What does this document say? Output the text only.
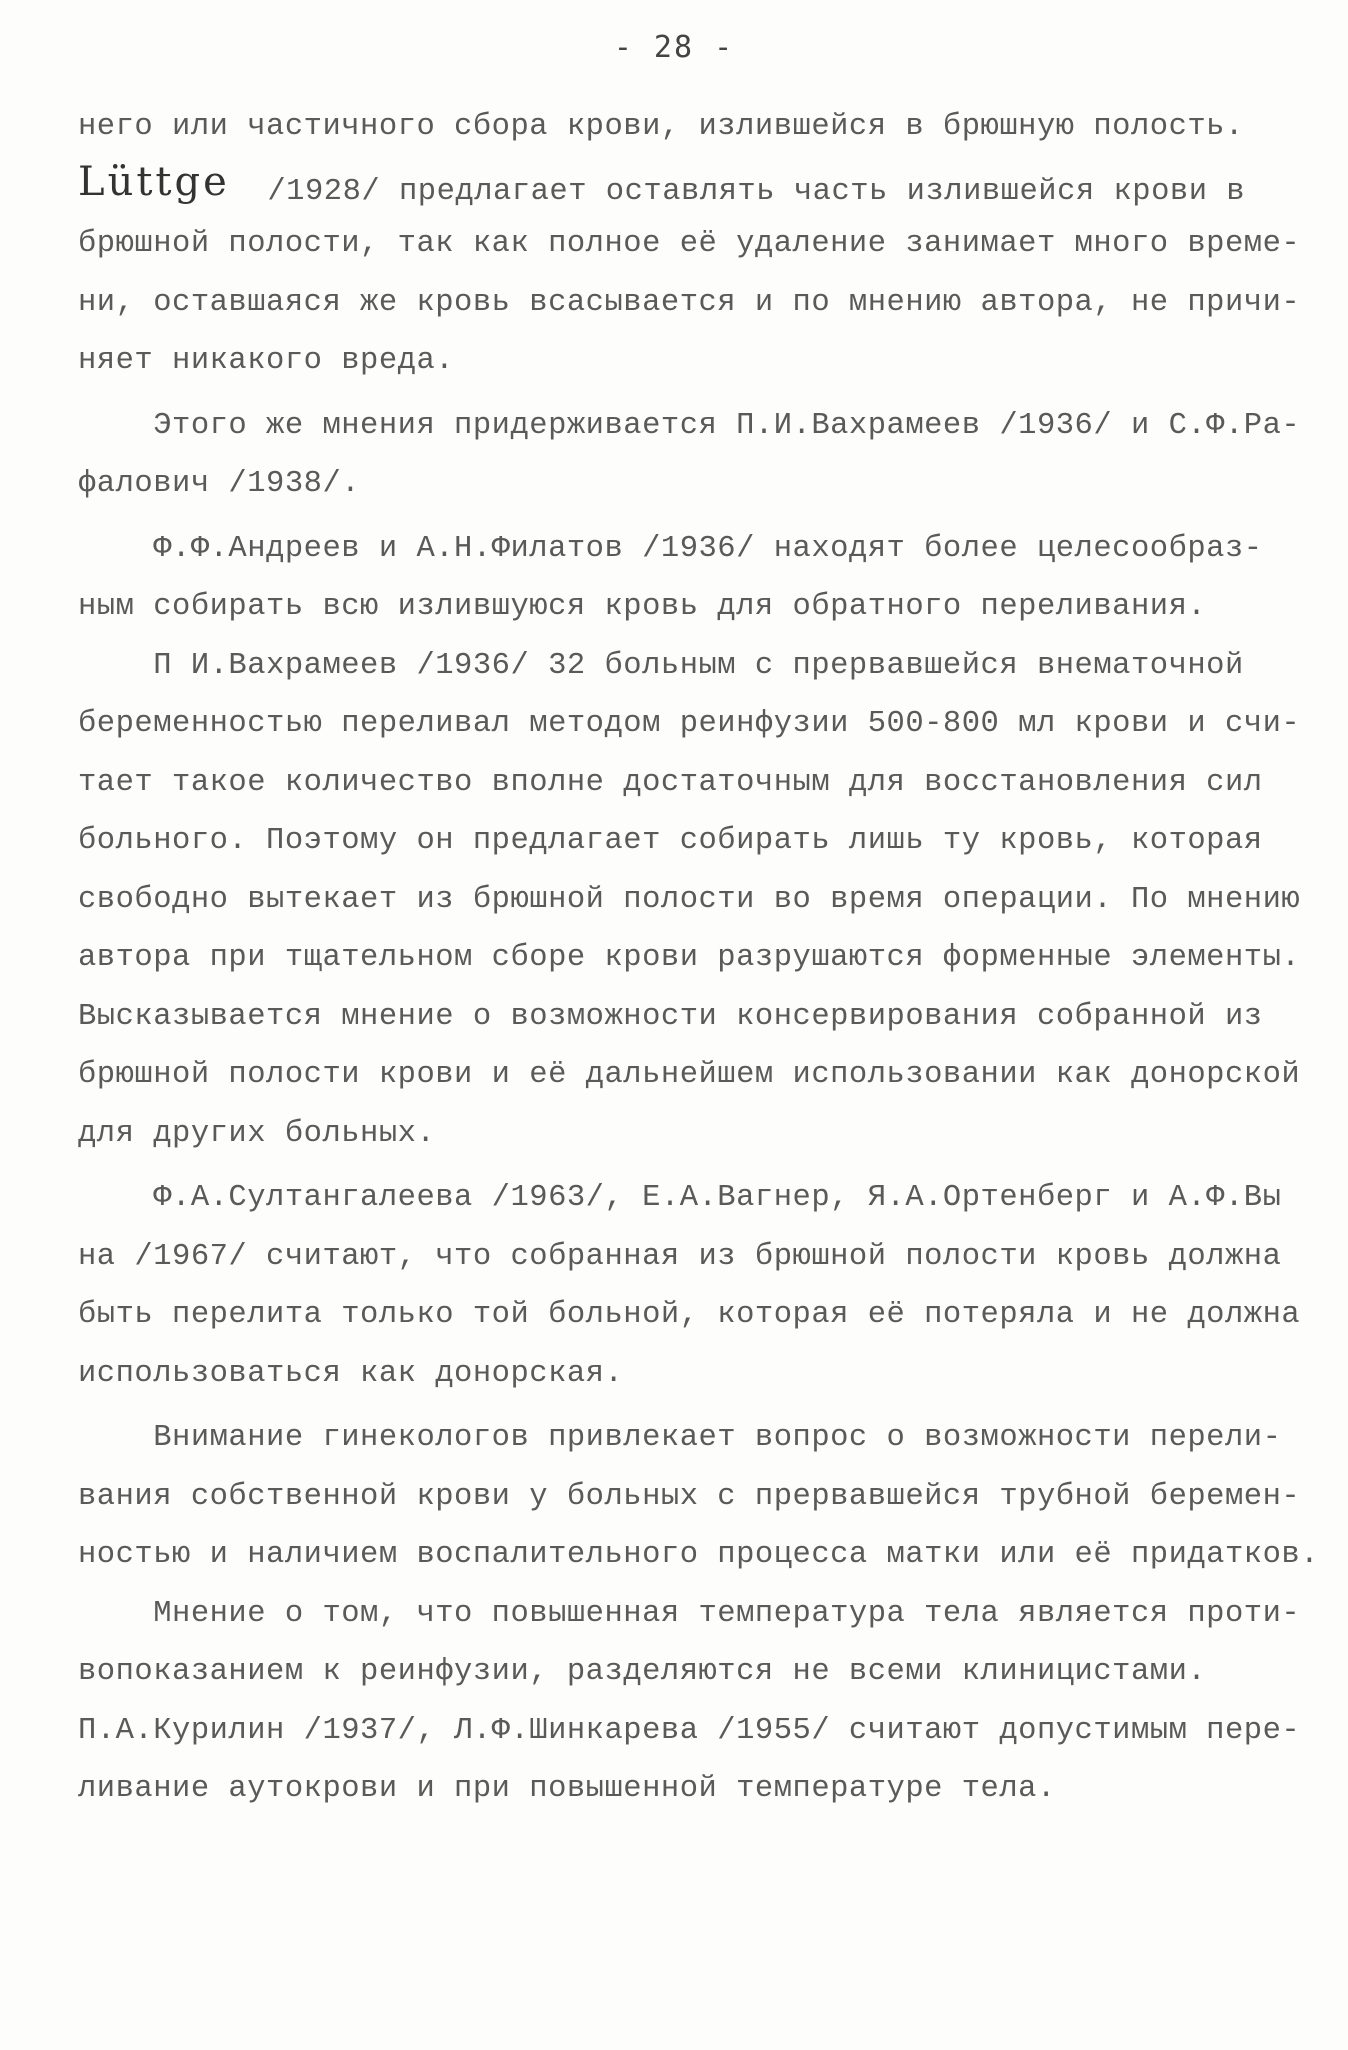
- 28 -
него или частичного сбора крови, излившейся в брюшную полость.
Lüttge  /1928/ предлагает оставлять часть излившейся крови в
брюшной полости, так как полное её удаление занимает много време-
ни, оставшаяся же кровь всасывается и по мнению автора, не причи-
няет никакого вреда.
Этого же мнения придерживается П.И.Вахрамеев /1936/ и С.Ф.Ра-
фалович /1938/.
Ф.Ф.Андреев и А.Н.Филатов /1936/ находят более целесообраз-
ным собирать всю излившуюся кровь для обратного переливания.
П И.Вахрамеев /1936/ 32 больным с прервавшейся внематочной
беременностью переливал методом реинфузии 500-800 мл крови и счи-
тает такое количество вполне достаточным для восстановления сил
больного. Поэтому он предлагает собирать лишь ту кровь, которая
свободно вытекает из брюшной полости во время операции. По мнению
автора при тщательном сборе крови разрушаются форменные элементы.
Высказывается мнение о возможности консервирования собранной из
брюшной полости крови и её дальнейшем использовании как донорской
для других больных.
Ф.А.Султангалеева /1963/, Е.А.Вагнер, Я.А.Ортенберг и А.Ф.Вы
на /1967/ считают, что собранная из брюшной полости кровь должна
быть перелита только той больной, которая её потеряла и не должна
использоваться как донорская.
Внимание гинекологов привлекает вопрос о возможности перели-
вания собственной крови у больных с прервавшейся трубной беремен-
ностью и наличием воспалительного процесса матки или её придатков.
Мнение о том, что повышенная температура тела является проти-
вопоказанием к реинфузии, разделяются не всеми клиницистами.
П.А.Курилин /1937/, Л.Ф.Шинкарева /1955/ считают допустимым пере-
ливание аутокрови и при повышенной температуре тела.
